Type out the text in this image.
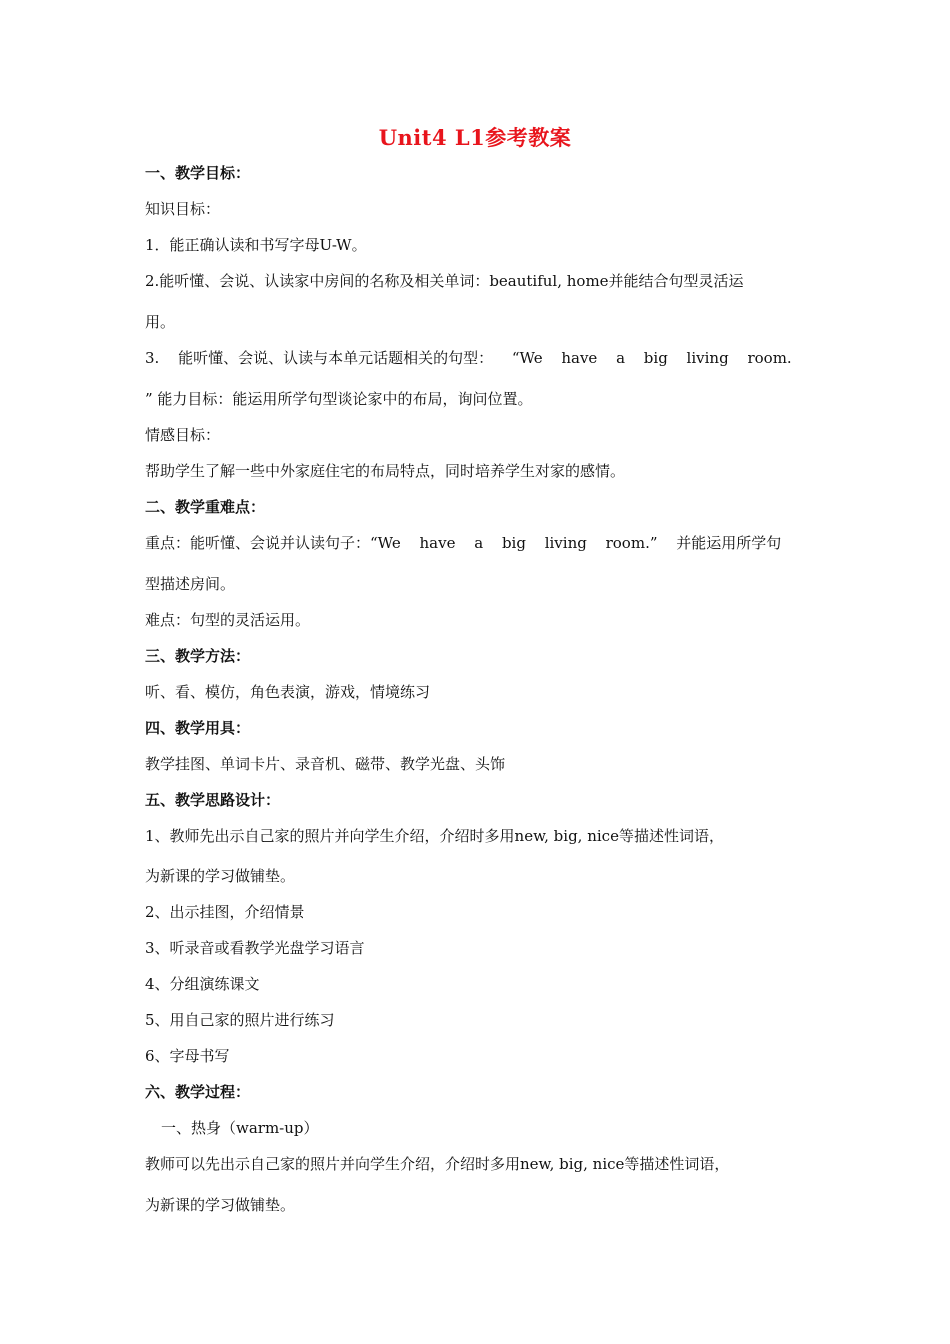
Unit4 L1参考教案
一、教学目标：
知识目标：
1．能正确认读和书写字母U-W。
2.能听懂、会说、认读家中房间的名称及相关单词：beautiful, home并能结合句型灵活运
用。
3. 能听懂、会说、认读与本单元话题相关的句型： “We have a big living room.
” 能力目标：能运用所学句型谈论家中的布局，询问位置。
情感目标：
帮助学生了解一些中外家庭住宅的布局特点，同时培养学生对家的感情。
二、教学重难点：
重点：能听懂、会说并认读句子：“We have a big living room.” 并能运用所学句
型描述房间。
难点：句型的灵活运用。
三、教学方法：
听、看、模仿，角色表演，游戏，情境练习
四、教学用具：
教学挂图、单词卡片、录音机、磁带、教学光盘、头饰
五、教学思路设计：
1、教师先出示自己家的照片并向学生介绍，介绍时多用new, big, nice等描述性词语，
为新课的学习做铺垫。
2、出示挂图，介绍情景
3、听录音或看教学光盘学习语言
4、分组演练课文
5、用自己家的照片进行练习
6、字母书写
六、教学过程：
一、热身（warm-up）
教师可以先出示自己家的照片并向学生介绍，介绍时多用new, big, nice等描述性词语，
为新课的学习做铺垫。
